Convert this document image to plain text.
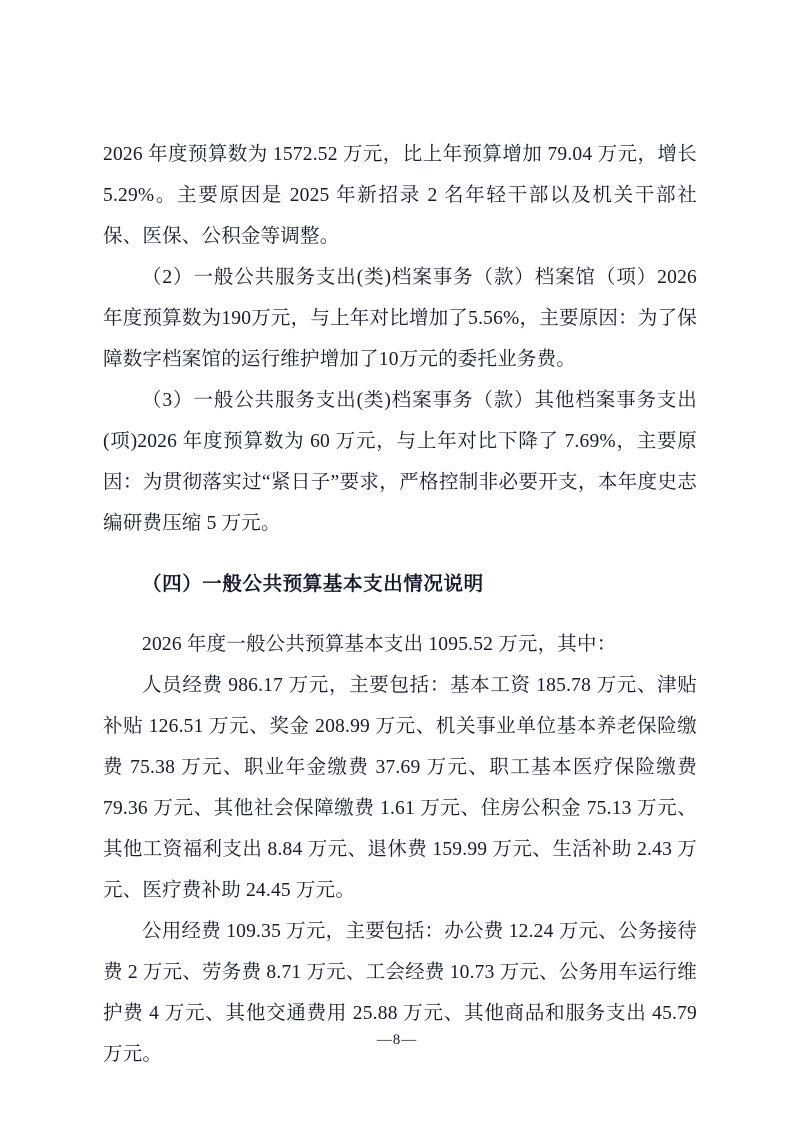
2026 年度预算数为 1572.52 万元，比上年预算增加 79.04 万元，增长 5.29%。主要原因是 2025 年新招录 2 名年轻干部以及机关干部社保、医保、公积金等调整。

（2）一般公共服务支出(类)档案事务（款）档案馆（项）2026年度预算数为190万元，与上年对比增加了5.56%，主要原因：为了保障数字档案馆的运行维护增加了10万元的委托业务费。

（3）一般公共服务支出(类)档案事务（款）其他档案事务支出(项)2026 年度预算数为 60 万元，与上年对比下降了 7.69%，主要原因：为贯彻落实过“紧日子”要求，严格控制非必要开支，本年度史志编研费压缩 5 万元。

（四）一般公共预算基本支出情况说明

2026 年度一般公共预算基本支出 1095.52 万元，其中：

人员经费 986.17 万元，主要包括：基本工资 185.78 万元、津贴补贴 126.51 万元、奖金 208.99 万元、机关事业单位基本养老保险缴费 75.38 万元、职业年金缴费 37.69 万元、职工基本医疗保险缴费 79.36 万元、其他社会保障缴费 1.61 万元、住房公积金 75.13 万元、其他工资福利支出 8.84 万元、退休费 159.99 万元、生活补助 2.43 万元、医疗费补助 24.45 万元。

公用经费 109.35 万元，主要包括：办公费 12.24 万元、公务接待费 2 万元、劳务费 8.71 万元、工会经费 10.73 万元、公务用车运行维护费 4 万元、其他交通费用 25.88 万元、其他商品和服务支出 45.79 万元。

—8—
